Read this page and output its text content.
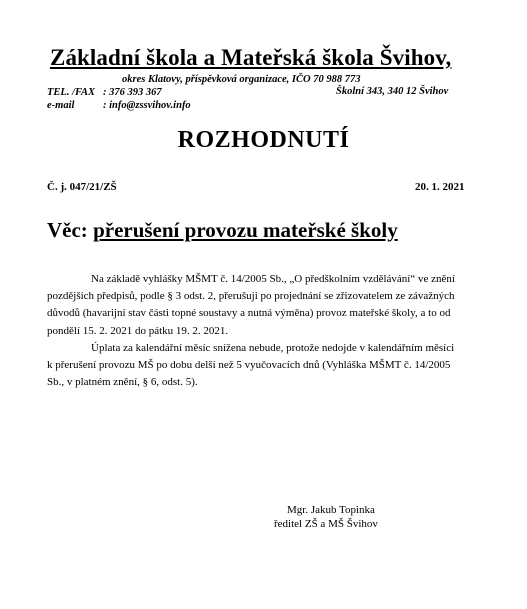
Základní škola a Mateřská škola Švihov,
okres Klatovy, příspěvková organizace, IČO 70 988 773
TEL. /FAX : 376 393 367
e-mail	: info@zssvihov.info
Školní 343, 340 12 Švihov
ROZHODNUTÍ
Č. j. 047/21/ZŠ	20. 1. 2021
Věc: přerušení provozu mateřské školy
Na základě vyhlášky MŠMT č. 14/2005 Sb., „O předškolním vzdělávání“ ve znění
pozdějších předpisů, podle § 3 odst. 2, přerušuji po projednání se zřizovatelem ze závažných
důvodů (havarijní stav části topné soustavy a nutná výměna) provoz mateřské školy, a to od
pondělí 15. 2. 2021 do pátku 19. 2. 2021.
Úplata za kalendářní měsíc snížena nebude, protože nedojde v kalendářním měsíci
k přerušení provozu MŠ po dobu delší než 5 vyučovacích dnů (Vyhláška MŠMT č. 14/2005
Sb., v platném znění, § 6, odst. 5).
Mgr. Jakub Topinka
ředitel ZŠ a MŠ Švihov
